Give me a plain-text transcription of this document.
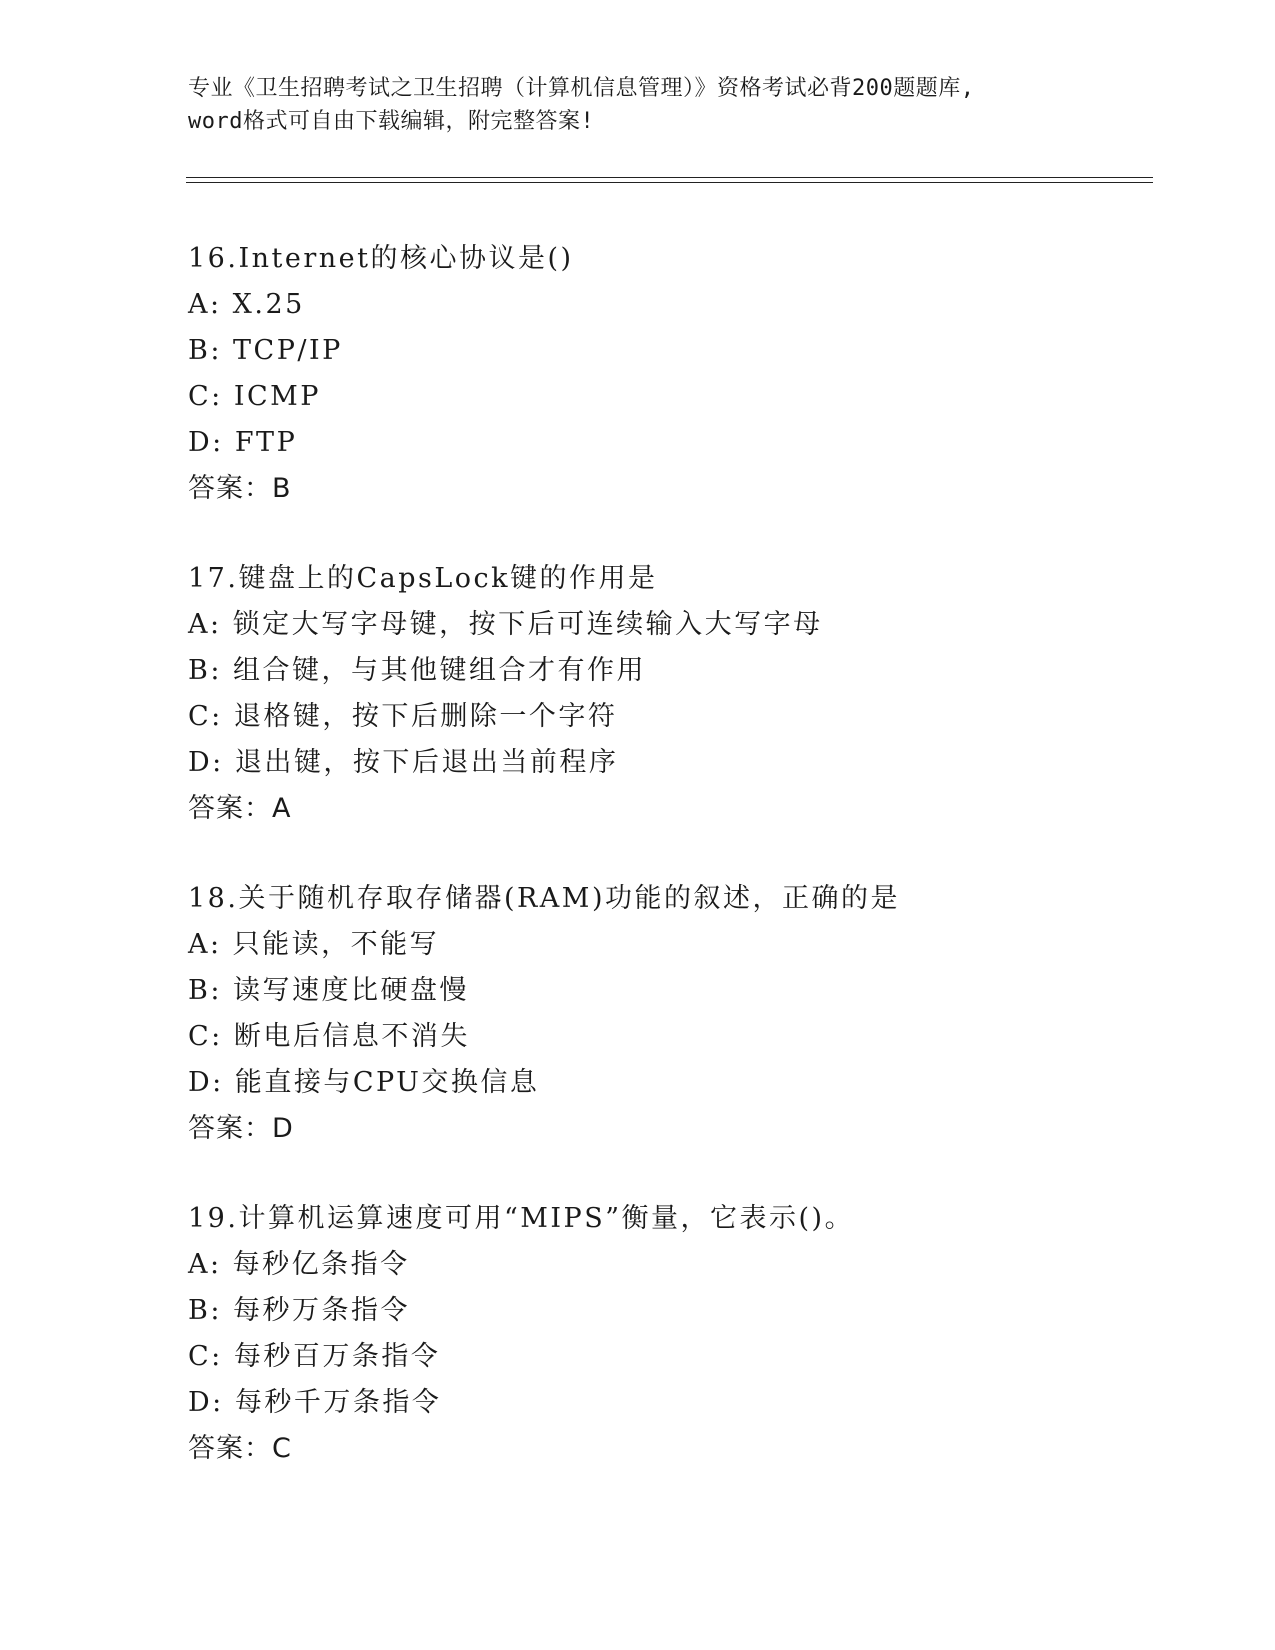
专业《卫生招聘考试之卫生招聘（计算机信息管理）》资格考试必背200题题库,
word格式可自由下载编辑，附完整答案!
16.Internet的核心协议是()
A: X.25
B: TCP/IP
C: ICMP
D: FTP
答案：B
17.键盘上的CapsLock键的作用是
A: 锁定大写字母键，按下后可连续输入大写字母
B: 组合键，与其他键组合才有作用
C: 退格键，按下后删除一个字符
D: 退出键，按下后退出当前程序
答案：A
18.关于随机存取存储器(RAM)功能的叙述，正确的是
A: 只能读，不能写
B: 读写速度比硬盘慢
C: 断电后信息不消失
D: 能直接与CPU交换信息
答案：D
19.计算机运算速度可用“MIPS”衡量，它表示()。
A: 每秒亿条指令
B: 每秒万条指令
C: 每秒百万条指令
D: 每秒千万条指令
答案：C
